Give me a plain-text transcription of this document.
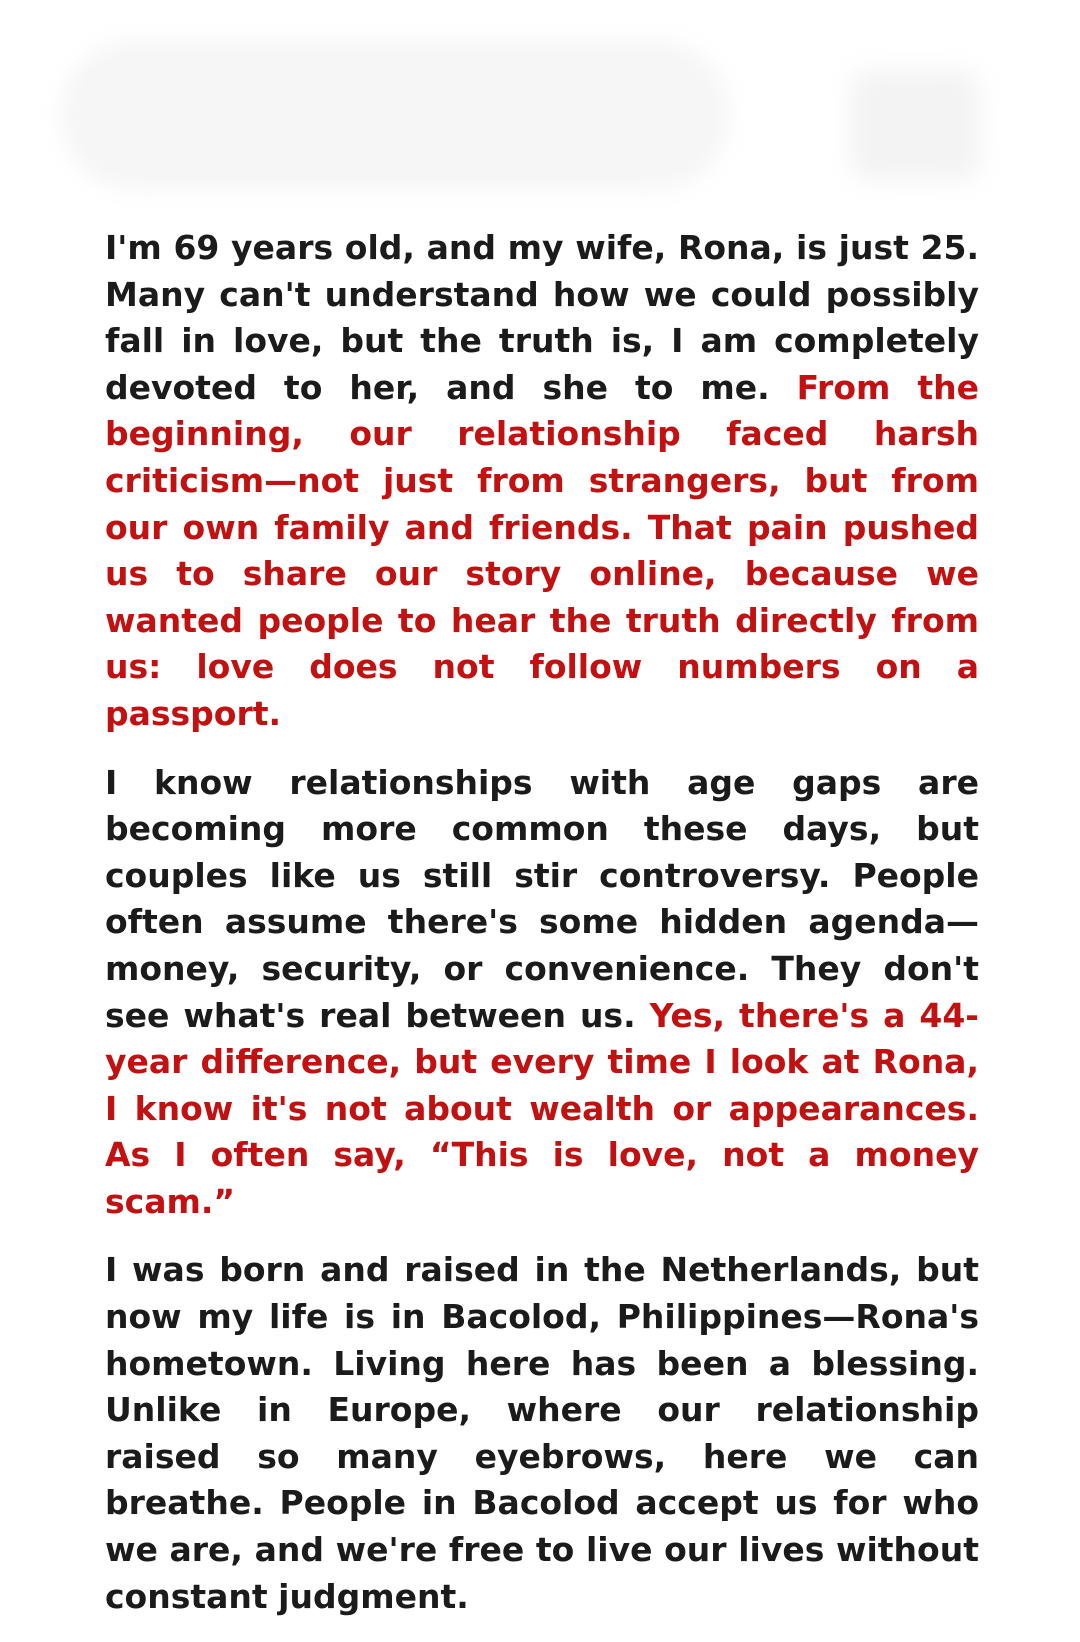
I'm 69 years old, and my wife, Rona, is just 25. Many can't understand how we could possibly fall in love, but the truth is, I am completely devoted to her, and she to me. From the beginning, our relationship faced harsh criticism—not just from strangers, but from our own family and friends. That pain pushed us to share our story online, because we wanted people to hear the truth directly from us: love does not follow numbers on a passport.

I know relationships with age gaps are becoming more common these days, but couples like us still stir controversy. People often assume there's some hidden agenda—money, security, or convenience. They don't see what's real between us. Yes, there's a 44-year difference, but every time I look at Rona, I know it's not about wealth or appearances. As I often say, “This is love, not a money scam.”

I was born and raised in the Netherlands, but now my life is in Bacolod, Philippines—Rona's hometown. Living here has been a blessing. Unlike in Europe, where our relationship raised so many eyebrows, here we can breathe. People in Bacolod accept us for who we are, and we're free to live our lives without constant judgment.
